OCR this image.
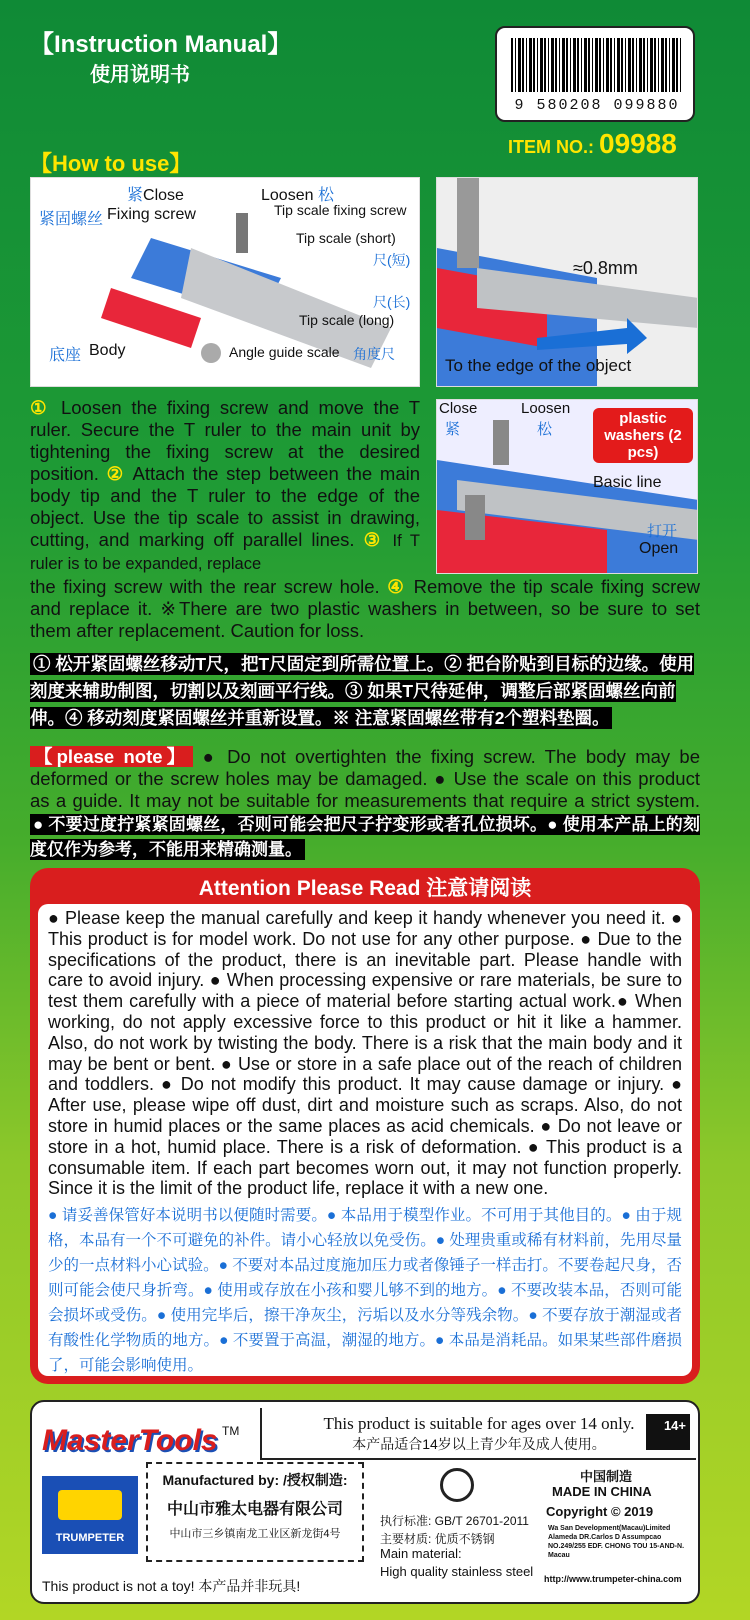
【Instruction Manual】
使用说明书
9 580208 099880
ITEM NO.: 09988
【How to use】
紧Close	Loosen 松
紧固螺丝 Fixing screw	Tip scale fixing screw
Tip scale (short)
尺(短)
尺(长)
Tip scale (long)
底座 Body	Angle guide scale 角度尺
≈0.8mm
To the edge of the object
Close
紧
Loosen
松
plastic washers (2 pcs)
Basic line
打开
Open
① Loosen the fixing screw and move the T ruler. Secure the T ruler to the main unit by tightening the fixing screw at the desired position. ② Attach the step between the main body tip and the T ruler to the edge of the object. Use the tip scale to assist in drawing, cutting, and marking off parallel lines. ③ If T ruler is to be expanded, replace
the fixing screw with the rear screw hole. ④ Remove the tip scale fixing screw and replace it. ※There are two plastic washers in between, so be sure to set them after replacement. Caution for loss.
① 松开紧固螺丝移动T尺，把T尺固定到所需位置上。② 把台阶贴到目标的边缘。使用刻度来辅助制图，切割以及刻画平行线。③ 如果T尺待延伸，调整后部紧固螺丝向前伸。④ 移动刻度紧固螺丝并重新设置。※ 注意紧固螺丝带有2个塑料垫圈。
【please note】 ● Do not overtighten the fixing screw. The body may be deformed or the screw holes may be damaged. ● Use the scale on this product as a guide. It may not be suitable for measurements that require a strict system. ● 不要过度拧紧紧固螺丝，否则可能会把尺子拧变形或者孔位损坏。● 使用本产品上的刻度仅作为参考，不能用来精确测量。
Attention Please Read 注意请阅读
● Please keep the manual carefully and keep it handy whenever you need it. ● This product is for model work. Do not use for any other purpose. ● Due to the specifications of the product, there is an inevitable part. Please handle with care to avoid injury. ● When processing expensive or rare materials, be sure to test them carefully with a piece of material before starting actual work.● When working, do not apply excessive force to this product or hit it like a hammer. Also, do not work by twisting the body. There is a risk that the main body and it may be bent or bent. ● Use or store in a safe place out of the reach of children and toddlers. ● Do not modify this product. It may cause damage or injury. ● After use, please wipe off dust, dirt and moisture such as scraps. Also, do not store in humid places or the same places as acid chemicals. ● Do not leave or store in a hot, humid place. There is a risk of deformation. ● This product is a consumable item. If each part becomes worn out, it may not function properly. Since it is the limit of the product life, replace it with a new one.
● 请妥善保管好本说明书以便随时需要。● 本品用于模型作业。不可用于其他目的。● 由于规格，本品有一个不可避免的补件。请小心轻放以免受伤。● 处理贵重或稀有材料前，先用尽量少的一点材料小心试验。● 不要对本品过度施加压力或者像锤子一样击打。不要卷起尺身，否则可能会使尺身折弯。● 使用或存放在小孩和婴儿够不到的地方。● 不要改装本品，否则可能会损坏或受伤。● 使用完毕后，擦干净灰尘，污垢以及水分等残余物。● 不要存放于潮湿或者有酸性化学物质的地方。● 不要置于高温，潮湿的地方。● 本品是消耗品。如果某些部件磨损了，可能会影响使用。
MasterTools TM	This product is suitable for ages over 14 only.
本产品适合14岁以上青少年及成人使用。
14+
TRUMPETER
Manufactured by: /授权制造:
中山市雅太电器有限公司
中山市三乡镇南龙工业区新龙街4号
执行标准: GB/T 26701-2011
主要材质: 优质不锈钢
Main material:
High quality stainless steel
中国制造
MADE IN CHINA
Copyright © 2019
Wa San Development(Macau)Limited Alameda DR.Carlos D Assumpcao NO.249/255 EDF. CHONG TOU 15-AND-N. Macau
http://www.trumpeter-china.com
This product is not a toy! 本产品并非玩具!
